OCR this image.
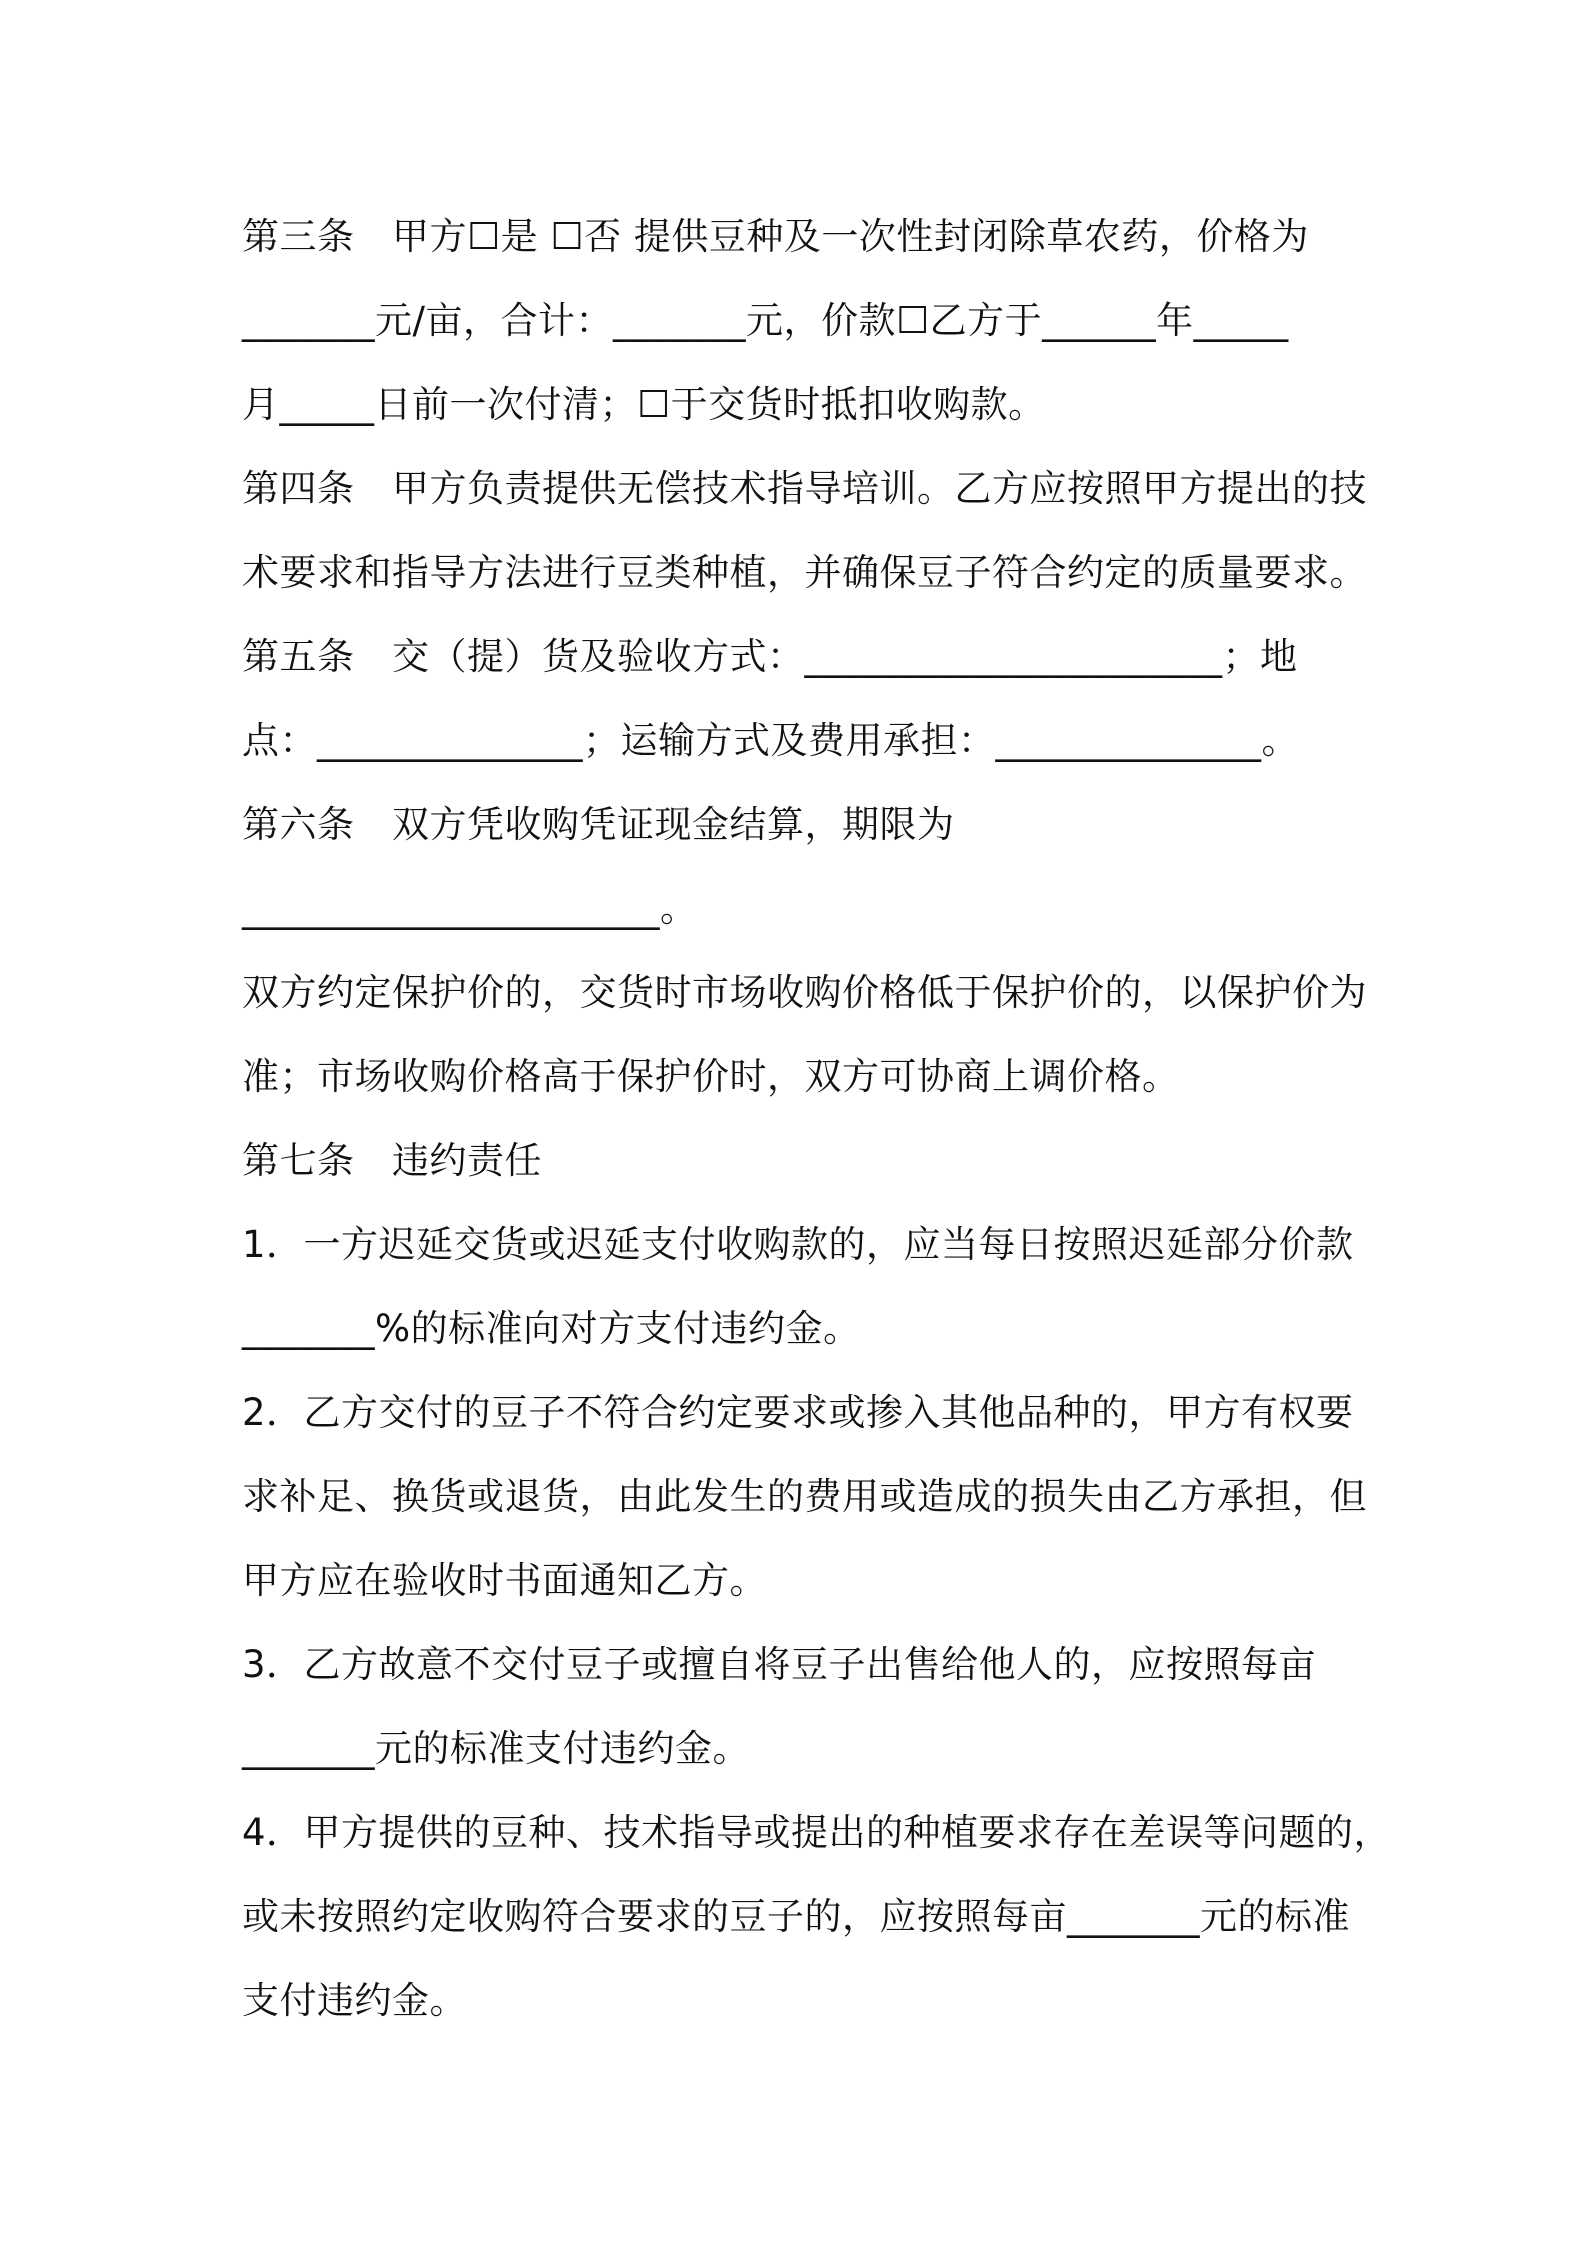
第三条　甲方☐是 ☐否 提供豆种及一次性封闭除草农药，价格为
_______元/亩，合计：_______元，价款☐乙方于______年_____
月_____日前一次付清；☐于交货时抵扣收购款。
第四条　甲方负责提供无偿技术指导培训。乙方应按照甲方提出的技
术要求和指导方法进行豆类种植，并确保豆子符合约定的质量要求。
第五条　交（提）货及验收方式：______________________；地
点：______________；运输方式及费用承担：______________。
第六条　双方凭收购凭证现金结算，期限为
______________________。
双方约定保护价的，交货时市场收购价格低于保护价的，以保护价为
准；市场收购价格高于保护价时，双方可协商上调价格。
第七条　违约责任
1．一方迟延交货或迟延支付收购款的，应当每日按照迟延部分价款
_______%的标准向对方支付违约金。
2．乙方交付的豆子不符合约定要求或掺入其他品种的，甲方有权要
求补足、换货或退货，由此发生的费用或造成的损失由乙方承担，但
甲方应在验收时书面通知乙方。
3．乙方故意不交付豆子或擅自将豆子出售给他人的，应按照每亩
_______元的标准支付违约金。
4．甲方提供的豆种、技术指导或提出的种植要求存在差误等问题的，
或未按照约定收购符合要求的豆子的，应按照每亩_______元的标准
支付违约金。
